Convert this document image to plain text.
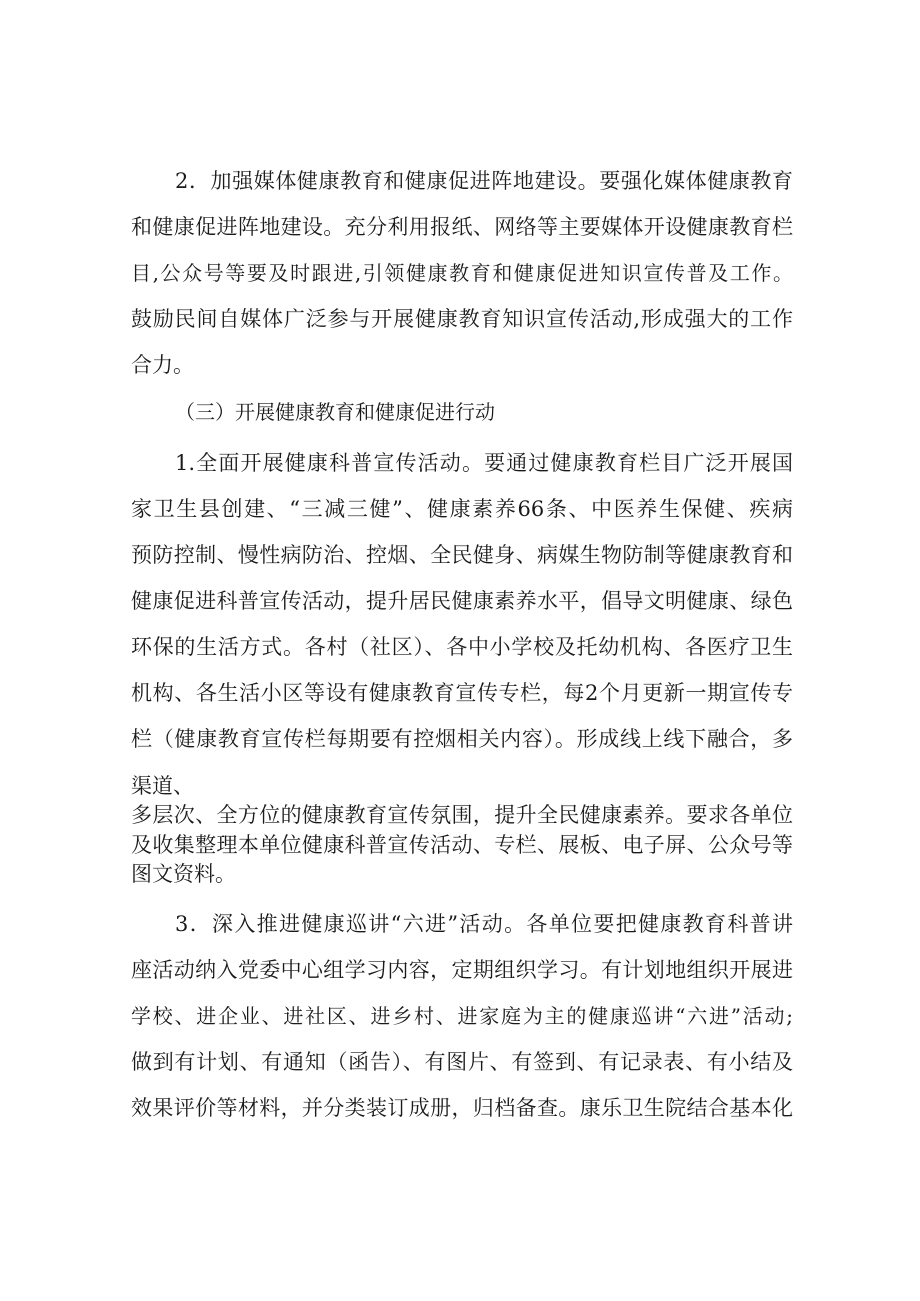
2．加强媒体健康教育和健康促进阵地建设。要强化媒体健康教育
和健康促进阵地建设。充分利用报纸、网络等主要媒体开设健康教育栏
目,公众号等要及时跟进,引领健康教育和健康促进知识宣传普及工作。
鼓励民间自媒体广泛参与开展健康教育知识宣传活动,形成强大的工作
合力。
（三）开展健康教育和健康促进行动
1.全面开展健康科普宣传活动。要通过健康教育栏目广泛开展国
家卫生县创建、“三减三健”、健康素养66条、中医养生保健、疾病
预防控制、慢性病防治、控烟、全民健身、病媒生物防制等健康教育和
健康促进科普宣传活动，提升居民健康素养水平，倡导文明健康、绿色
环保的生活方式。各村（社区）、各中小学校及托幼机构、各医疗卫生
机构、各生活小区等设有健康教育宣传专栏，每2个月更新一期宣传专
栏（健康教育宣传栏每期要有控烟相关内容）。形成线上线下融合，多
渠道、
多层次、全方位的健康教育宣传氛围，提升全民健康素养。要求各单位
及收集整理本单位健康科普宣传活动、专栏、展板、电子屏、公众号等
图文资料。
3．深入推进健康巡讲“六进”活动。各单位要把健康教育科普讲
座活动纳入党委中心组学习内容，定期组织学习。有计划地组织开展进
学校、进企业、进社区、进乡村、进家庭为主的健康巡讲“六进”活动;
做到有计划、有通知（函告）、有图片、有签到、有记录表、有小结及
效果评价等材料，并分类装订成册，归档备查。康乐卫生院结合基本化
